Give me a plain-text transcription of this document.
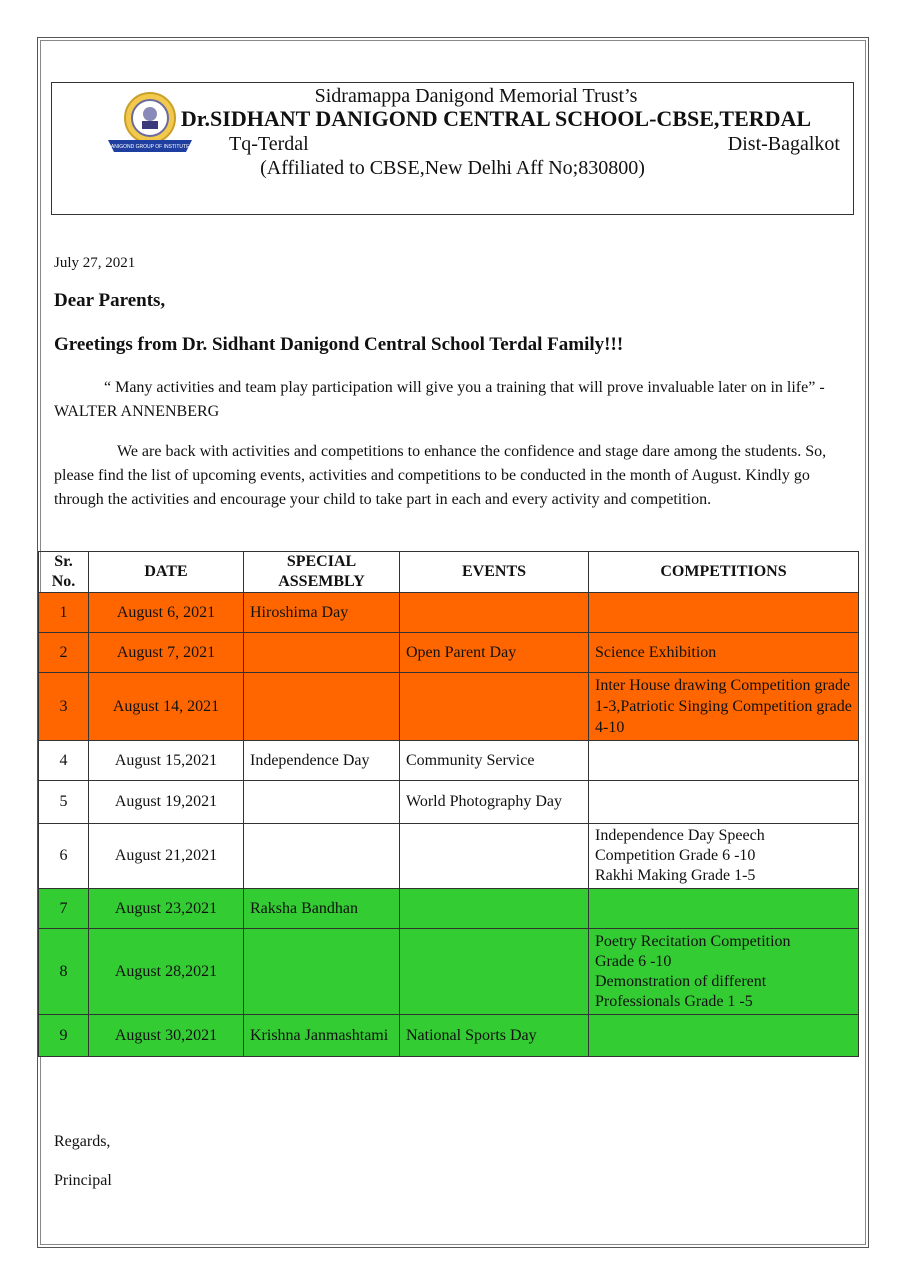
DANIGOND GROUP OF INSTITUTES
Sidramappa Danigond Memorial Trust’s
Dr.SIDHANT DANIGOND CENTRAL SCHOOL-CBSE,TERDAL
Tq-Terdal	Dist-Bagalkot
(Affiliated to CBSE,New Delhi Aff No;830800)
July 27, 2021
Dear Parents,
Greetings from Dr. Sidhant Danigond Central School Terdal Family!!!
“ Many activities and team play participation will give you a training that will prove invaluable later on in life” - WALTER ANNENBERG
We are back with activities and competitions to enhance the confidence and stage dare among the students. So, please find the list of upcoming events, activities and competitions to be conducted in the month of August. Kindly go through the activities and encourage your child to take part in each and every activity and competition.
Sr. No.	DATE	SPECIAL ASSEMBLY	EVENTS	COMPETITIONS
1	August 6, 2021	Hiroshima Day		
2	August 7, 2021		Open Parent Day	Science Exhibition
3	August 14, 2021			Inter House drawing Competition grade 1-3,Patriotic Singing Competition grade 4-10
4	August 15,2021	Independence Day	Community Service	
5	August 19,2021		World Photography Day	
6	August 21,2021			Independence Day Speech
Competition Grade 6 -10
Rakhi Making Grade 1-5

7	August 23,2021	Raksha Bandhan		
8	August 28,2021			Poetry Recitation Competition
Grade 6 -10
Demonstration of different
Professionals Grade 1 -5

9	August 30,2021	Krishna Janmashtami	National Sports Day	
Regards,
Principal
